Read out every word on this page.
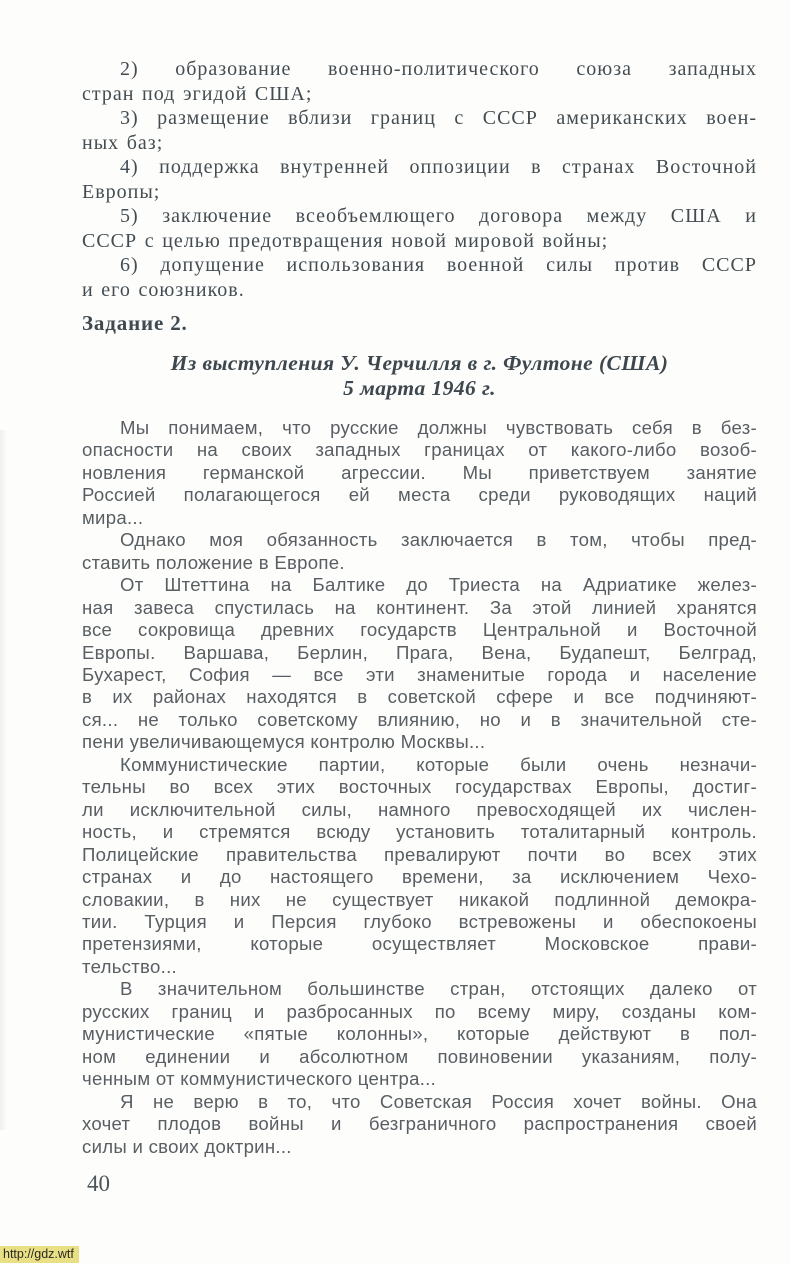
2) образование военно-политического союза западных
стран под эгидой США;
3) размещение вблизи границ с СССР американских воен-
ных баз;
4) поддержка внутренней оппозиции в странах Восточной
Европы;
5) заключение всеобъемлющего договора между США и
СССР с целью предотвращения новой мировой войны;
6) допущение использования военной силы против СССР
и его союзников.
Задание 2.
Из выступления У. Черчилля в г. Фултоне (США)
5 марта 1946 г.
Мы понимаем, что русские должны чувствовать себя в без-
опасности на своих западных границах от какого-либо возоб-
новления германской агрессии. Мы приветствуем занятие
Россией полагающегося ей места среди руководящих наций
мира...
Однако моя обязанность заключается в том, чтобы пред-
ставить положение в Европе.
От Штеттина на Балтике до Триеста на Адриатике желез-
ная завеса спустилась на континент. За этой линией хранятся
все сокровища древних государств Центральной и Восточной
Европы. Варшава, Берлин, Прага, Вена, Будапешт, Белград,
Бухарест, София — все эти знаменитые города и население
в их районах находятся в советской сфере и все подчиняют-
ся... не только советскому влиянию, но и в значительной сте-
пени увеличивающемуся контролю Москвы...
Коммунистические партии, которые были очень незначи-
тельны во всех этих восточных государствах Европы, достиг-
ли исключительной силы, намного превосходящей их числен-
ность, и стремятся всюду установить тоталитарный контроль.
Полицейские правительства превалируют почти во всех этих
странах и до настоящего времени, за исключением Чехо-
словакии, в них не существует никакой подлинной демокра-
тии. Турция и Персия глубоко встревожены и обеспокоены
претензиями, которые осуществляет Московское прави-
тельство...
В значительном большинстве стран, отстоящих далеко от
русских границ и разбросанных по всему миру, созданы ком-
мунистические «пятые колонны», которые действуют в пол-
ном единении и абсолютном повиновении указаниям, полу-
ченным от коммунистического центра...
Я не верю в то, что Советская Россия хочет войны. Она
хочет плодов войны и безграничного распространения своей
силы и своих доктрин...
40
http://gdz.wtf
